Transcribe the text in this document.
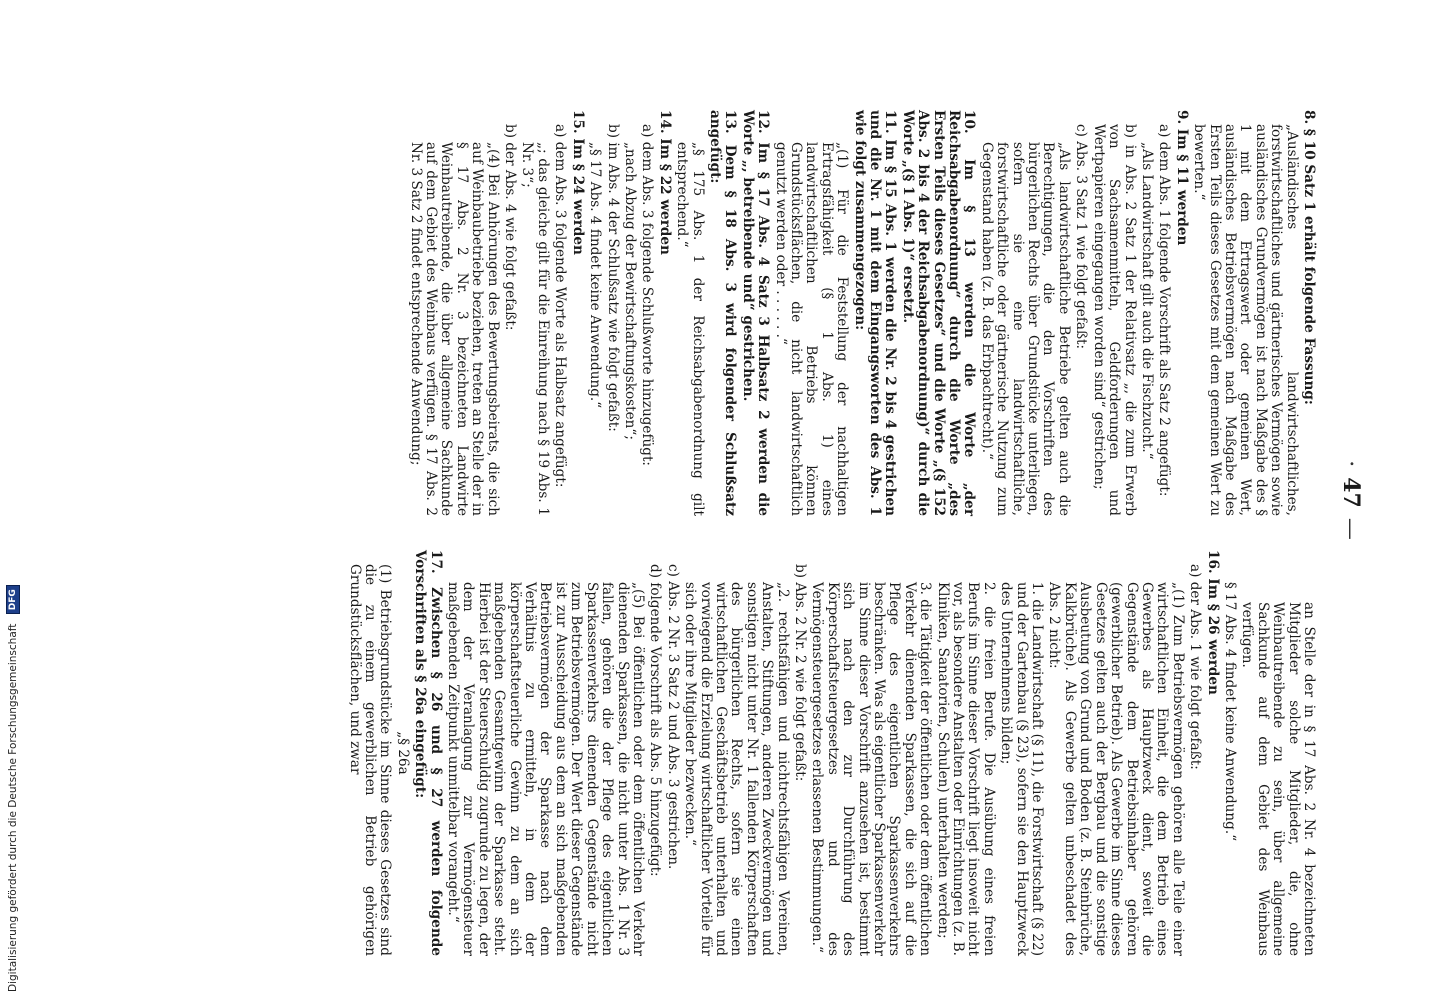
·47—

8. § 10 Satz 1 erhält folgende Fassung:

„Ausländisches landwirtschaftliches, forstwirtschaftliches und gärtnerisches Vermögen sowie ausländisches Grundvermögen ist nach Maßgabe des § 1 mit dem Ertragswert oder gemeinen Wert, ausländisches Betriebsvermögen nach Maßgabe des Ersten Teils dieses Gesetzes mit dem gemeinen Wert zu bewerten.“

9. Im § 11 werden

a) dem Abs. 1 folgende Vorschrift als Satz 2 angefügt:

„Als Landwirtschaft gilt auch die Fischzucht.“

b) in Abs. 2 Satz 1 der Relativsatz „, die zum Erwerb von Sachsamenmitteln, Geldforderungen und Wertpapieren eingegangen worden sind“ gestrichen;

c) Abs. 3 Satz 1 wie folgt gefaßt:

„Als landwirtschaftliche Betriebe gelten auch die Berechtigungen, die den Vorschriften des bürgerlichen Rechts über Grundstücke unterliegen, sofern sie eine landwirtschaftliche, forstwirtschaftliche oder gärtnerische Nutzung zum Gegenstand haben (z. B. das Erbpachtrecht).“

10. Im § 13 werden die Worte „der Reichsabgabenordnung“ durch die Worte „des Ersten Teils dieses Gesetzes“ und die Worte „(§ 152 Abs. 2 bis 4 der Reichsabgabenordnung)“ durch die Worte „(§ 1 Abs. 1)“ ersetzt.

11. Im § 15 Abs. 1 werden die Nr. 2 bis 4 gestrichen und die Nr. 1 mit dem Eingangsworten des Abs. 1 wie folgt zusammengezogen:

„(1) Für die Feststellung der nachhaltigen Ertragsfähigkeit (§ 1 Abs. 1) eines landwirtschaftlichen Betriebs können Grundstücksflächen, die nicht landwirtschaftlich genutzt werden oder . . . . . .“

12. Im § 17 Abs. 4 Satz 3 Halbsatz 2 werden die Worte „, betreibende und“ gestrichen.

13. Dem § 18 Abs. 3 wird folgender Schlußsatz angefügt:

„§ 175 Abs. 1 der Reichsabgabenordnung gilt entsprechend.“

14. Im § 22 werden

a) dem Abs. 3 folgende Schlußworte hinzugefügt:

„nach Abzug der Bewirtschaftungskosten“;

b) im Abs. 4 der Schlußsatz wie folgt gefaßt:

„§ 17 Abs. 4 findet keine Anwendung.“

15. Im § 24 werden

a) dem Abs. 3 folgende Worte als Halbsatz angefügt:

„; das gleiche gilt für die Einreihung nach § 19 Abs. 1 Nr. 3“;

b) der Abs. 4 wie folgt gefaßt:

„(4) Bei Anhörungen des Bewertungsbeirats, die sich auf Weinbaubetriebe beziehen, treten an Stelle der in § 17 Abs. 2 Nr. 3 bezeichneten Landwirte Weinbautreibende, die über allgemeine Sachkunde auf dem Gebiet des Weinbaus verfügen. § 17 Abs. 2 Nr. 3 Satz 2 findet entsprechende Anwendung;

an Stelle der in § 17 Abs. 2 Nr. 4 bezeichneten Mitglieder solche Mitglieder, die, ohne Weinbautreibende zu sein, über allgemeine Sachkunde auf dem Gebiet des Weinbaus verfügen.

§ 17 Abs. 4 findet keine Anwendung.“

16. Im § 26 werden

a) der Abs. 1 wie folgt gefaßt:

„(1) Zum Betriebsvermögen gehören alle Teile einer wirtschaftlichen Einheit, die dem Betrieb eines Gewerbes als Hauptzweck dient, soweit die Gegenstände dem Betriebsinhaber gehören (gewerblicher Betrieb). Als Gewerbe im Sinne dieses Gesetzes gelten auch der Bergbau und die sonstige Ausbeutung von Grund und Boden (z. B. Steinbrüche, Kalkbrüche). Als Gewerbe gelten unbeschadet des Abs. 2 nicht:

1. die Landwirtschaft (§ 11), die Forstwirtschaft (§ 22) und der Gartenbau (§ 23), sofern sie den Hauptzweck des Unternehmens bilden;

2. die freien Berufe. Die Ausübung eines freien Berufs im Sinne dieser Vorschrift liegt insoweit nicht vor, als besondere Anstalten oder Einrichtungen (z. B. Kliniken, Sanatorien, Schulen) unterhalten werden;

3. die Tätigkeit der öffentlichen oder dem öffentlichen Verkehr dienenden Sparkassen, die sich auf die Pflege des eigentlichen Sparkassenverkehrs beschränken. Was als eigentlicher Sparkassenverkehr im Sinne dieser Vorschrift anzusehen ist, bestimmt sich nach den zur Durchführung des Körperschaftsteuergesetzes und des Vermögensteuergesetzes erlassenen Bestimmungen.“

b) Abs. 2 Nr. 2 wie folgt gefaßt:

„2. rechtsfähigen und nichtrechtsfähigen Vereinen, Anstalten, Stiftungen, anderen Zweckvermögen und sonstigen nicht unter Nr. 1 fallenden Körperschaften des bürgerlichen Rechts, sofern sie einen wirtschaftlichen Geschäftsbetrieb unterhalten und vorwiegend die Erzielung wirtschaftlicher Vorteile für sich oder ihre Mitglieder bezwecken.“

c) Abs. 2 Nr. 3 Satz 2 und Abs. 3 gestrichen.

d) folgende Vorschrift als Abs. 5 hinzugefügt:

„(5) Bei öffentlichen oder dem öffentlichen Verkehr dienenden Sparkassen, die nicht unter Abs. 1 Nr. 3 fallen, gehören die der Pflege des eigentlichen Sparkassenverkehrs dienenden Gegenstände nicht zum Betriebsvermögen. Der Wert dieser Gegenstände ist zur Ausscheidung aus dem an sich maßgebenden Betriebsvermögen der Sparkasse nach dem Verhältnis zu ermitteln, in dem der körperschaftsteuerliche Gewinn zu dem an sich maßgebenden Gesamtgewinn der Sparkasse steht. Hierbei ist der Steuerschuldig zugrunde zu legen, der dem der Veranlagung zur Vermögensteuer maßgebenden Zeitpunkt unmittelbar vorangeht.“

17. Zwischen § 26 und § 27 werden folgende Vorschriften als § 26a eingefügt:

„§ 26a

(1) Betriebsgrundstücke im Sinne dieses Gesetzes sind die zu einem gewerblichen Betrieb gehörigen Grundstücksflächen, und zwar

Digitalisierung gefördert durch die Deutsche Forschungsgemeinschaft DFG
